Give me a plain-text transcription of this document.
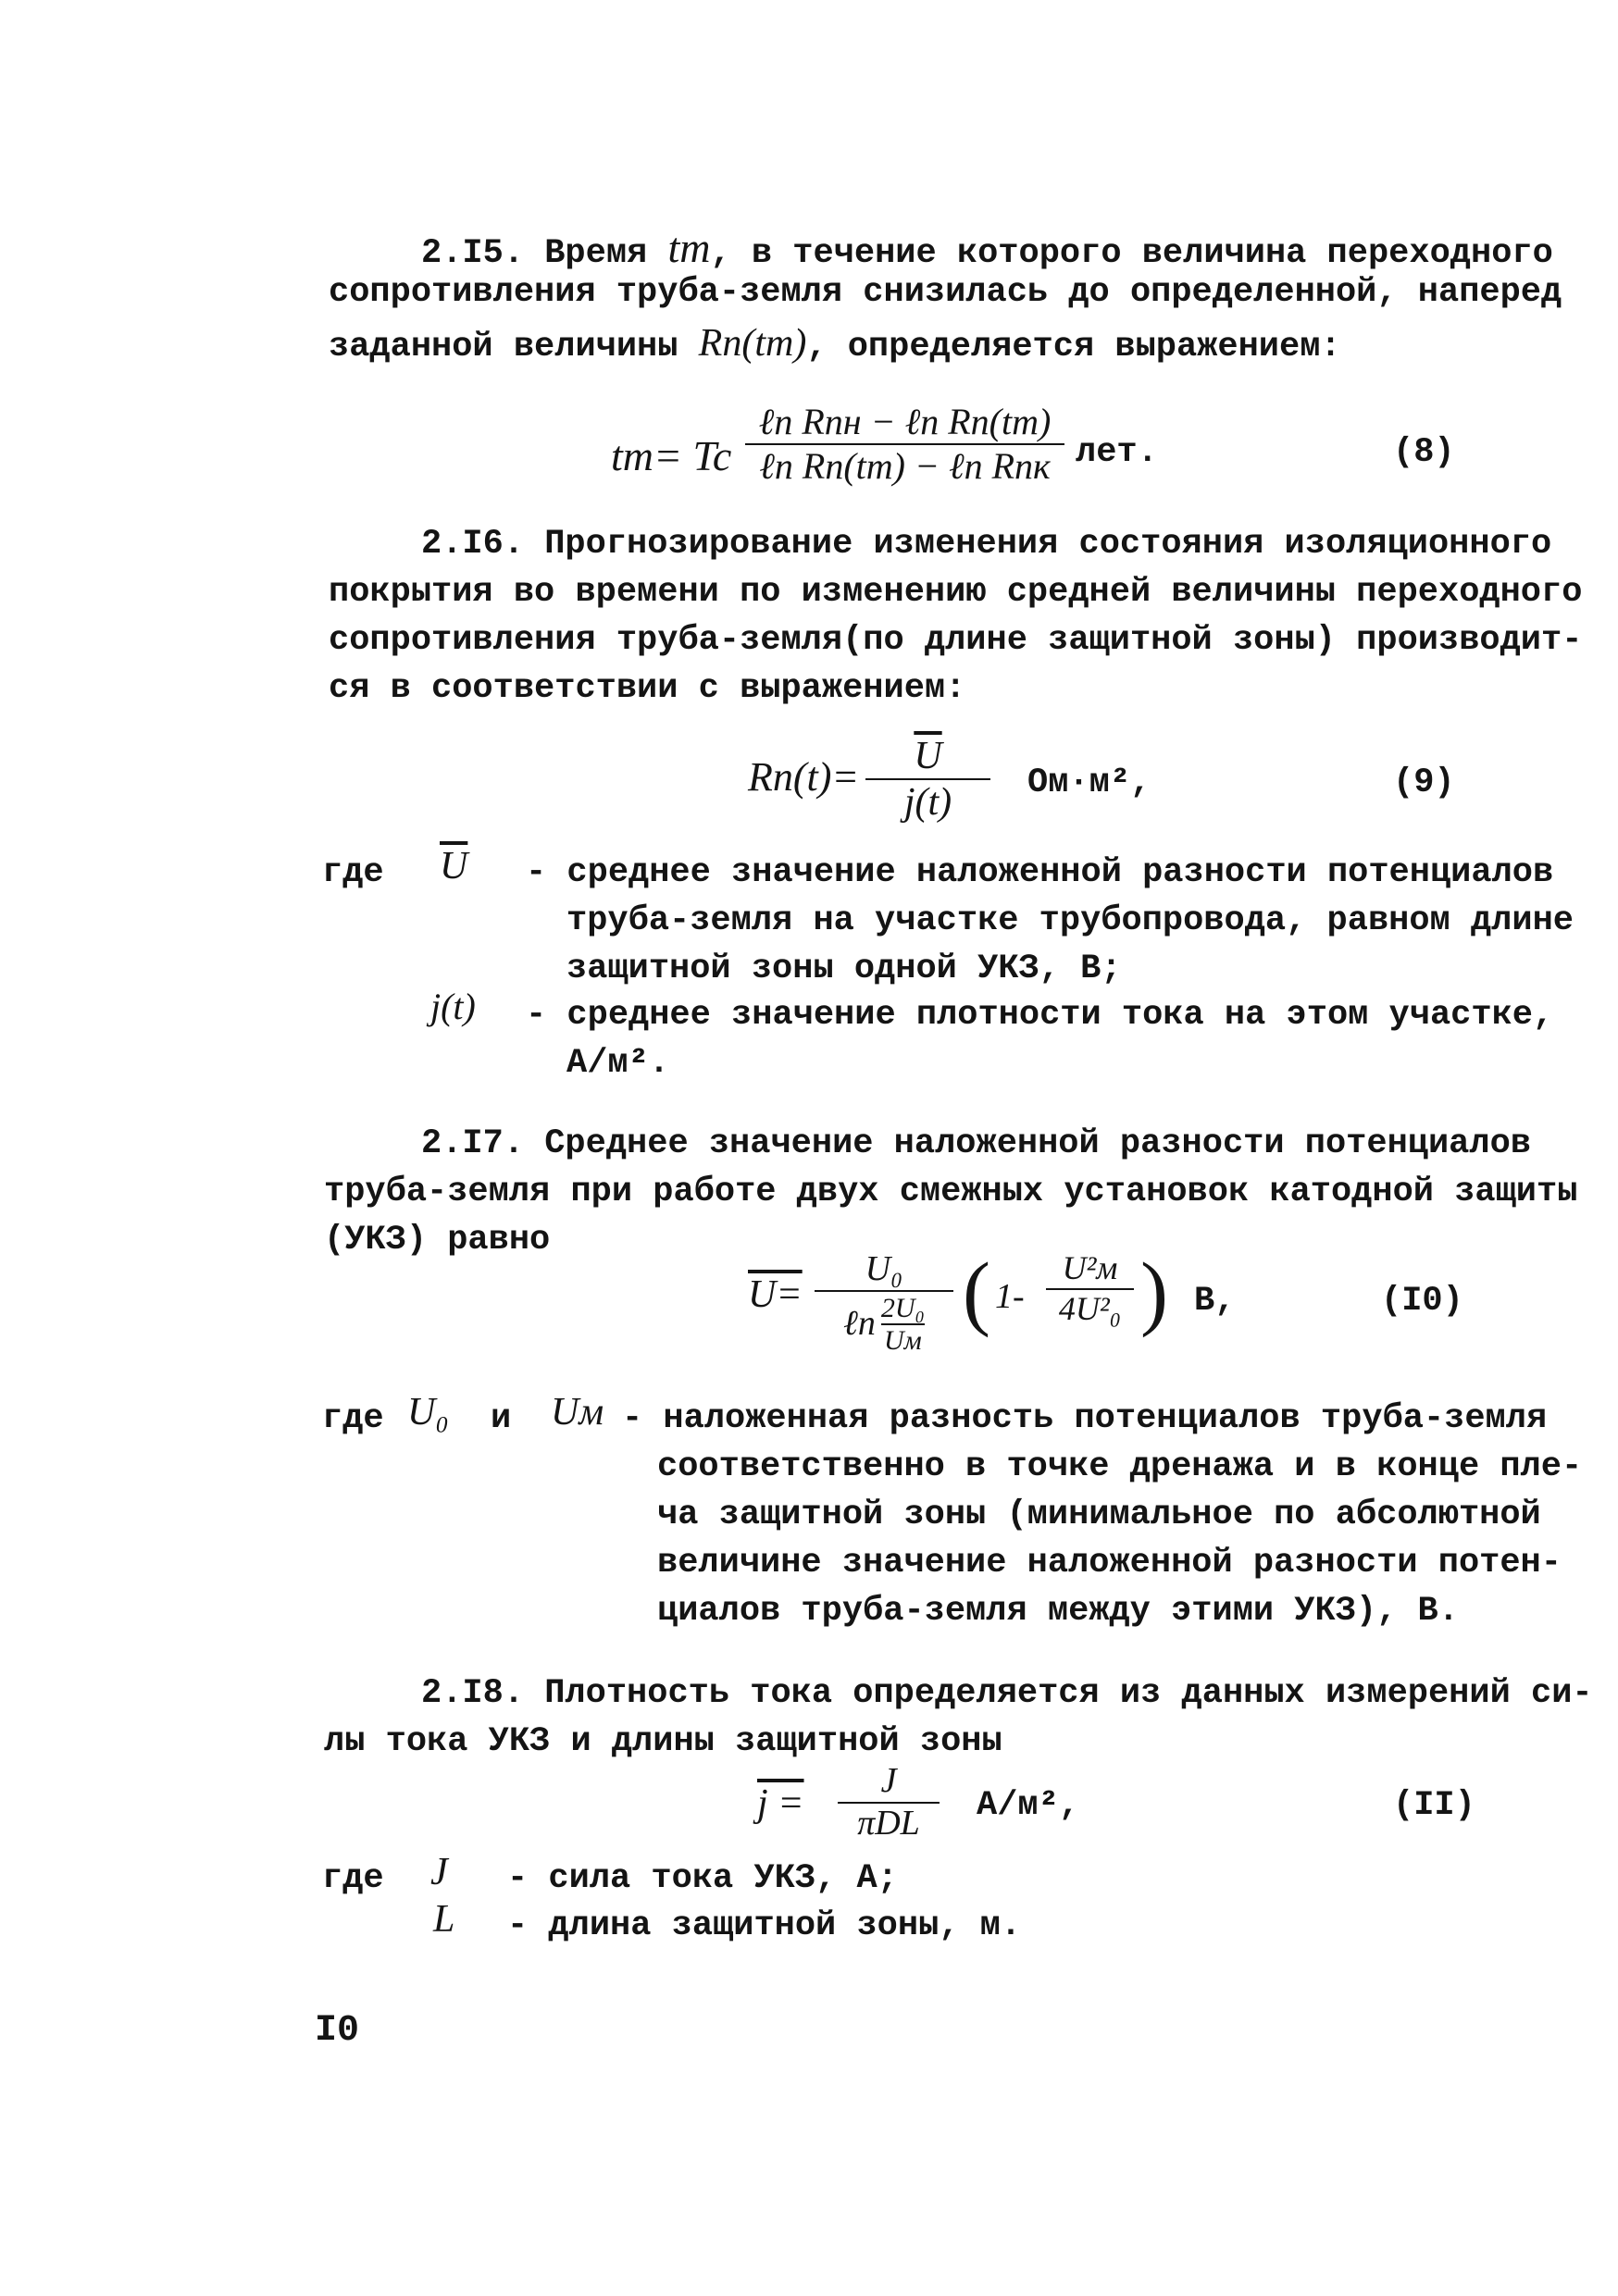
2.I5. Время tm, в течение которого величина переходного
сопротивления труба-земля снизилась до определенной, наперед
заданной величины Rn(tm), определяется выражением:
tm= Tc
ℓn Rпн − ℓn Rп(tm)
ℓn Rп(tm) − ℓn Rпк лет.	(8)
2.I6. Прогнозирование изменения состояния изоляционного
покрытия во времени по изменению средней величины переходного
сопротивления труба-земля(по длине защитной зоны) производит-
ся в соответствии с выражением:
$Rп(t)= \overline{U}$
j(t) Ом·м²,	(9)
где $\overline{U}$ - среднее значение наложенной разности потенциалов
труба-земля на участке трубопровода, равном длине
защитной зоны одной УКЗ, В;
j(t) - среднее значение плотности тока на этом участке,
А/м².
2.I7. Среднее значение наложенной разности потенциалов
труба-земля при работе двух смежных установок катодной защиты
(УКЗ) равно
U=
U₀
ℓn 2U₀
Uм
( 1-
U²м
4U²₀ ) В,	(I0)
где U₀ и Uм - наложенная разность потенциалов труба-земля
соответственно в точке дренажа и в конце пле-
ча защитной зоны (минимальное по абсолютной
величине значение наложенной разности потен-
циалов труба-земля между этими УКЗ), В.
2.I8. Плотность тока определяется из данных измерений си-
лы тока УКЗ и длины защитной зоны
j =
J
πDL А/м²,	(II)
где J - сила тока УКЗ, А;
L - длина защитной зоны, м.
I0
